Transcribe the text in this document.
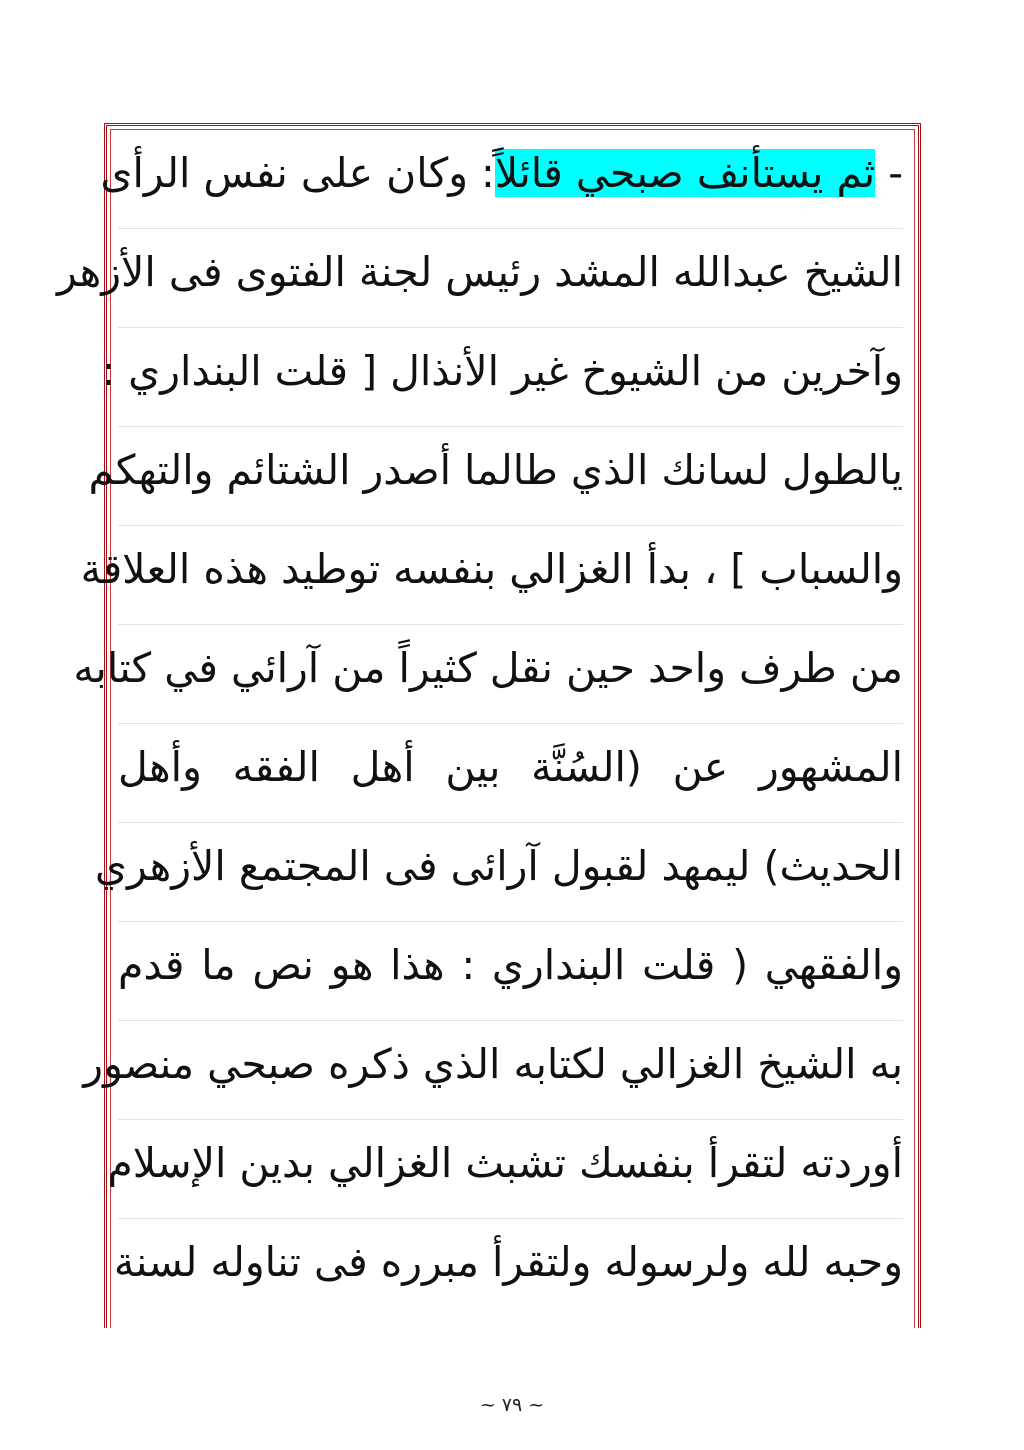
- ثم يستأنف صبحي قائلاً: وكان على نفس الرأى
الشيخ عبدالله المشد رئيس لجنة الفتوى فى الأزهر
وآخرين من الشيوخ غير الأنذال [ قلت البنداري :
يالطول لسانك الذي طالما أصدر الشتائم والتهكم
والسباب ] ، بدأ الغزالي بنفسه توطيد هذه العلاقة
من طرف واحد حين نقل كثيراً من آرائي في كتابه
المشهور عن (السُنَّة بين أهل الفقه وأهل
الحديث) ليمهد لقبول آرائى فى المجتمع الأزهري
والفقهي ( قلت البنداري : هذا هو نص ما قدم
به الشيخ الغزالي لكتابه الذي ذكره صبحي منصور
أوردته لتقرأ بنفسك تشبث الغزالي بدين الإسلام
وحبه لله ولرسوله ولتقرأ مبرره فى تناوله لسنة
~ ٧٩ ~
